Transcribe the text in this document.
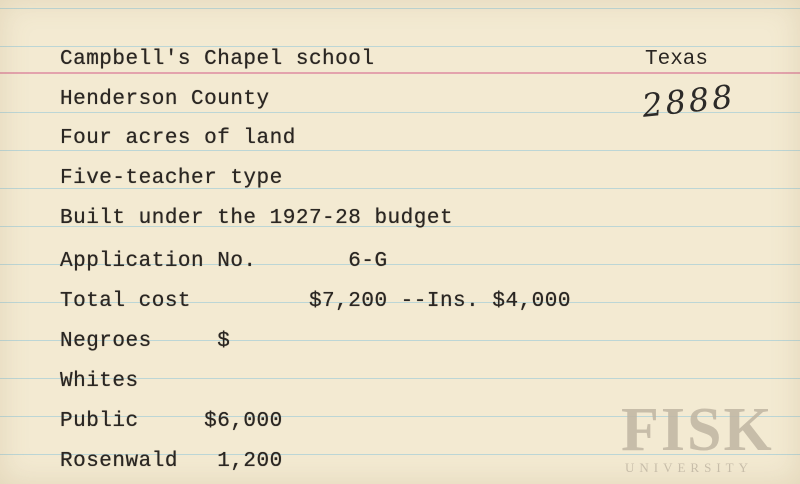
Campbell's Chapel school	Texas
Henderson County	2888
Four acres of land
Five-teacher type
Built under the 1927-28 budget
Application No.       6-G
Total cost         $7,200 --Ins. $4,000
Negroes     $
Whites
Public     $6,000
Rosenwald   1,200	FISK
UNIVERSITY
